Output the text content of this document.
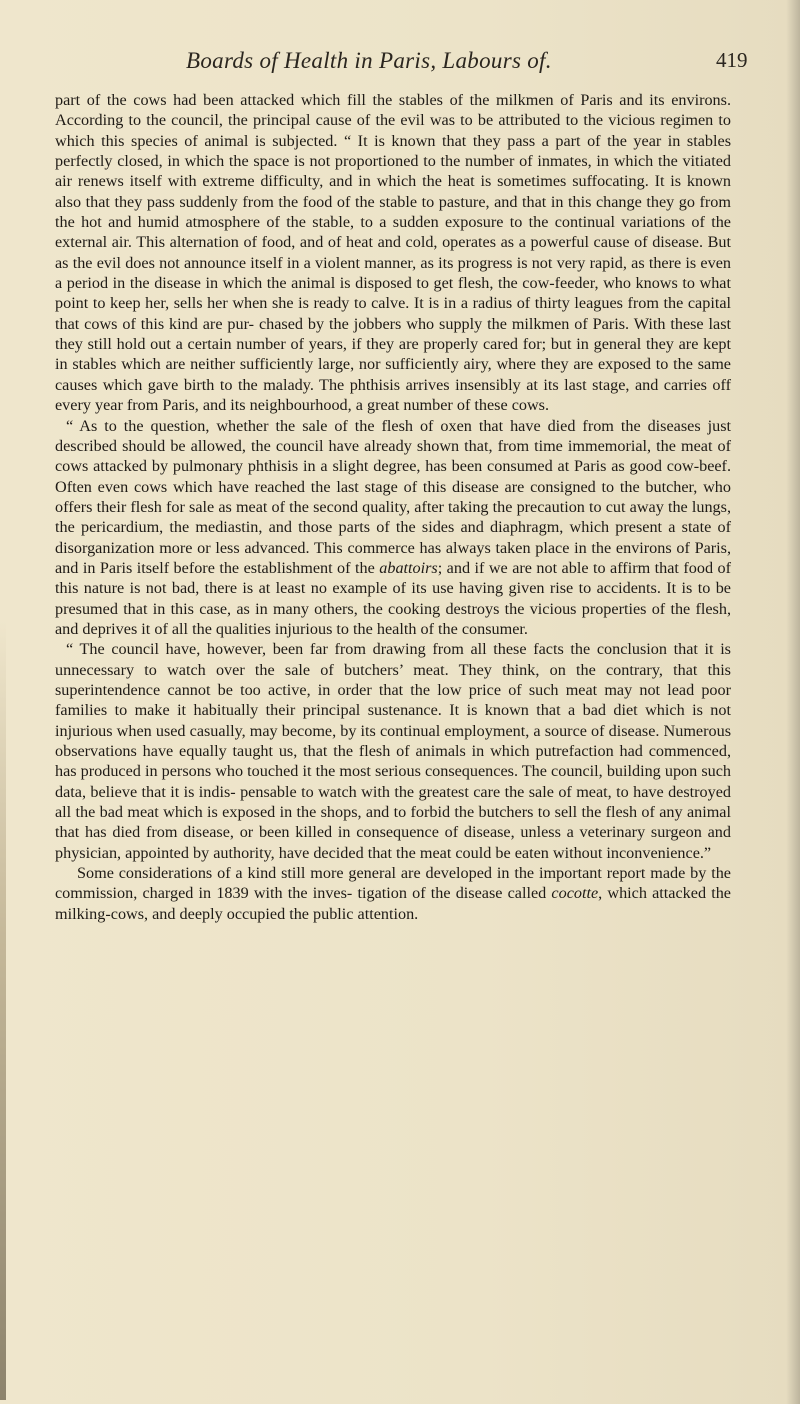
Boards of Health in Paris, Labours of.	419

part of the cows had been attacked which fill the stables of the milkmen of Paris and its environs. According to the council, the principal cause of the evil was to be attributed to the vicious regimen to which this species of animal is subjected. “ It is known that they pass a part of the year in stables perfectly closed, in which the space is not proportioned to the number of inmates, in which the vitiated air renews itself with extreme difficulty, and in which the heat is sometimes suffocating. It is known also that they pass suddenly from the food of the stable to pasture, and that in this change they go from the hot and humid atmosphere of the stable, to a sudden exposure to the continual variations of the external air. This alternation of food, and of heat and cold, operates as a powerful cause of disease. But as the evil does not announce itself in a violent manner, as its progress is not very rapid, as there is even a period in the disease in which the animal is disposed to get flesh, the cow-feeder, who knows to what point to keep her, sells her when she is ready to calve. It is in a radius of thirty leagues from the capital that cows of this kind are pur- chased by the jobbers who supply the milkmen of Paris. With these last they still hold out a certain number of years, if they are properly cared for; but in general they are kept in stables which are neither sufficiently large, nor sufficiently airy, where they are exposed to the same causes which gave birth to the malady. The phthisis arrives insensibly at its last stage, and carries off every year from Paris, and its neighbourhood, a great number of these cows.

“ As to the question, whether the sale of the flesh of oxen that have died from the diseases just described should be allowed, the council have already shown that, from time immemorial, the meat of cows attacked by pulmonary phthisis in a slight degree, has been consumed at Paris as good cow-beef. Often even cows which have reached the last stage of this disease are consigned to the butcher, who offers their flesh for sale as meat of the second quality, after taking the precaution to cut away the lungs, the pericardium, the mediastin, and those parts of the sides and diaphragm, which present a state of disorganization more or less advanced. This commerce has always taken place in the environs of Paris, and in Paris itself before the establishment of the abattoirs; and if we are not able to affirm that food of this nature is not bad, there is at least no example of its use having given rise to accidents. It is to be presumed that in this case, as in many others, the cooking destroys the vicious properties of the flesh, and deprives it of all the qualities injurious to the health of the consumer.

“ The council have, however, been far from drawing from all these facts the conclusion that it is unnecessary to watch over the sale of butchers’ meat. They think, on the contrary, that this superintendence cannot be too active, in order that the low price of such meat may not lead poor families to make it habitually their principal sustenance. It is known that a bad diet which is not injurious when used casually, may become, by its continual employment, a source of disease. Numerous observations have equally taught us, that the flesh of animals in which putrefaction had commenced, has produced in persons who touched it the most serious consequences. The council, building upon such data, believe that it is indis- pensable to watch with the greatest care the sale of meat, to have destroyed all the bad meat which is exposed in the shops, and to forbid the butchers to sell the flesh of any animal that has died from disease, or been killed in consequence of disease, unless a veterinary surgeon and physician, appointed by authority, have decided that the meat could be eaten without inconvenience.”

Some considerations of a kind still more general are developed in the important report made by the commission, charged in 1839 with the inves- tigation of the disease called cocotte, which attacked the milking-cows, and deeply occupied the public attention.
